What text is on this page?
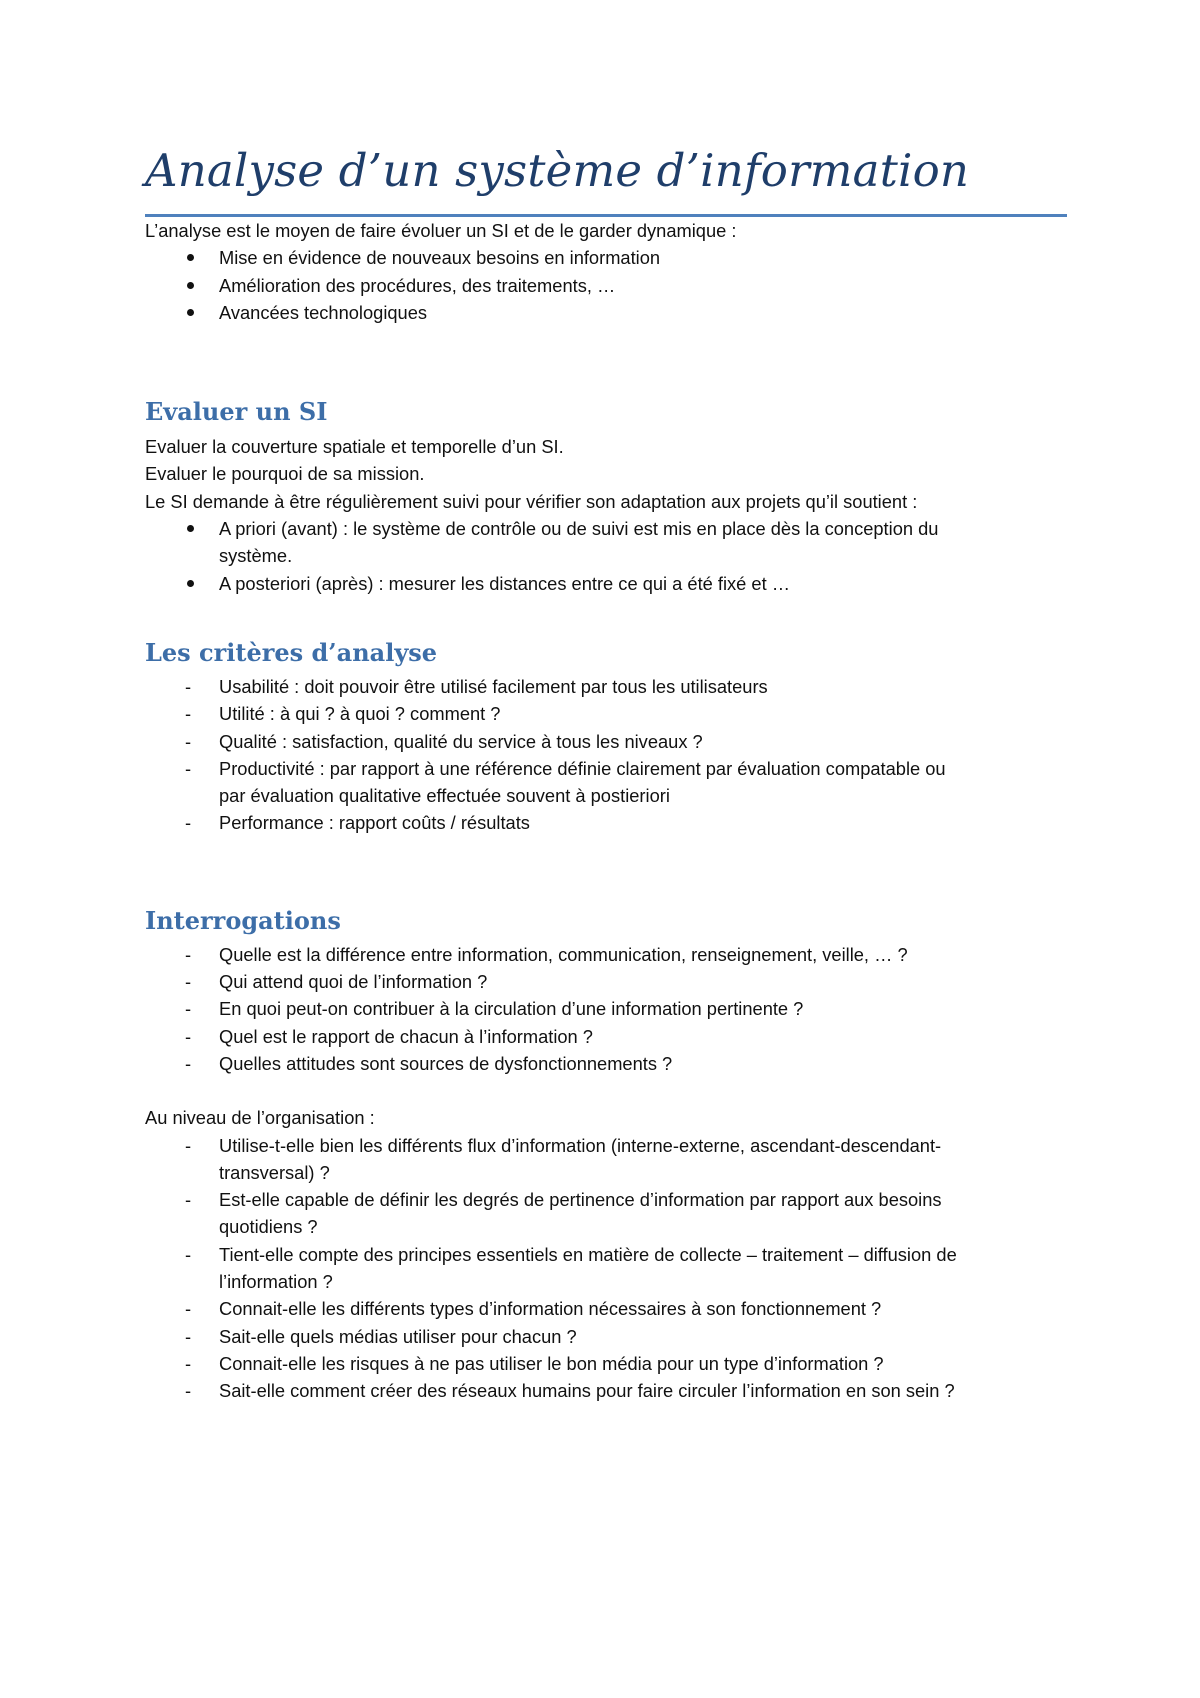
Analyse d’un système d’information

L’analyse est le moyen de faire évoluer un SI et de le garder dynamique :

Mise en évidence de nouveaux besoins en information
Amélioration des procédures, des traitements, …
Avancées technologiques
Evaluer un SI

Evaluer la couverture spatiale et temporelle d’un SI.

Evaluer le pourquoi de sa mission.

Le SI demande à être régulièrement suivi pour vérifier son adaptation aux projets qu’il soutient :

A priori (avant) : le système de contrôle ou de suivi est mis en place dès la conception du
système.
A posteriori (après) : mesurer les distances entre ce qui a été fixé et …
Les critères d’analyse
- Usabilité : doit pouvoir être utilisé facilement par tous les utilisateurs
- Utilité : à qui ? à quoi ? comment ?
- Qualité : satisfaction, qualité du service à tous les niveaux ?
- Productivité : par rapport à une référence définie clairement par évaluation compatable ou
par évaluation qualitative effectuée souvent à postieriori
- Performance : rapport coûts / résultats
Interrogations
- Quelle est la différence entre information, communication, renseignement, veille, … ?
- Qui attend quoi de l’information ?
- En quoi peut-on contribuer à la circulation d’une information pertinente ?
- Quel est le rapport de chacun à l’information ?
- Quelles attitudes sont sources de dysfonctionnements ?

Au niveau de l’organisation :

- Utilise-t-elle bien les différents flux d’information (interne-externe, ascendant-descendant-
transversal) ?
- Est-elle capable de définir les degrés de pertinence d’information par rapport aux besoins
quotidiens ?
- Tient-elle compte des principes essentiels en matière de collecte – traitement – diffusion de
l’information ?
- Connait-elle les différents types d’information nécessaires à son fonctionnement ?
- Sait-elle quels médias utiliser pour chacun ?
- Connait-elle les risques à ne pas utiliser le bon média pour un type d’information ?
- Sait-elle comment créer des réseaux humains pour faire circuler l’information en son sein ?
